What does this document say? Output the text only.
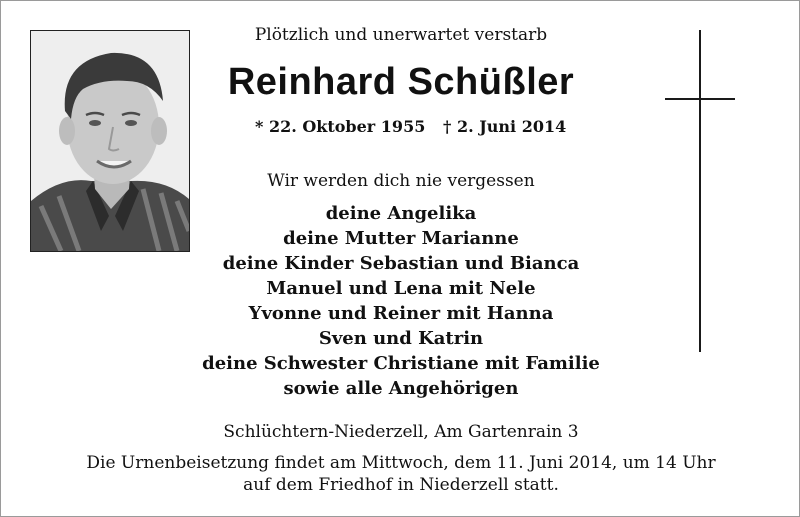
Plötzlich und unerwartet verstarb
Reinhard Schüßler
* 22. Oktober 1955 † 2. Juni 2014
Wir werden dich nie vergessen
deine Angelika
deine Mutter Marianne
deine Kinder Sebastian und Bianca
Manuel und Lena mit Nele
Yvonne und Reiner mit Hanna
Sven und Katrin
deine Schwester Christiane mit Familie
sowie alle Angehörigen
Schlüchtern-Niederzell, Am Gartenrain 3
Die Urnenbeisetzung findet am Mittwoch, dem 11. Juni 2014, um 14 Uhr
auf dem Friedhof in Niederzell statt.
